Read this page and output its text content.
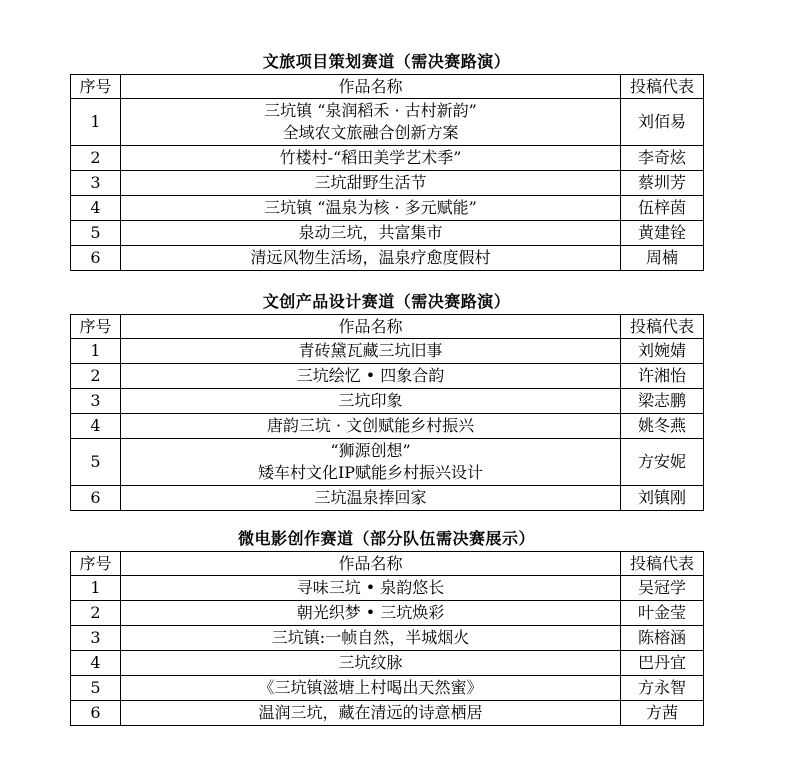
文旅项目策划赛道（需决赛路演）
序号	作品名称	投稿代表
1	三坑镇 “泉润稻禾 · 古村新韵”
全域农文旅融合创新方案	刘佰易
2	竹楼村-“稻田美学艺术季”	李奇炫
3	三坑甜野生活节	蔡圳芳
4	三坑镇 “温泉为核 · 多元赋能”	伍梓茵
5	泉动三坑，共富集市	黄建铨
6	清远风物生活场，温泉疗愈度假村	周楠
文创产品设计赛道（需决赛路演）
序号	作品名称	投稿代表
1	青砖黛瓦藏三坑旧事	刘婉婧
2	三坑绘忆 • 四象合韵	许湘怡
3	三坑印象	梁志鹏
4	唐韵三坑 · 文创赋能乡村振兴	姚冬燕
5	“狮源创想”
矮车村文化IP赋能乡村振兴设计	方安妮
6	三坑温泉捧回家	刘镇刚
微电影创作赛道（部分队伍需决赛展示）
序号	作品名称	投稿代表
1	寻味三坑 • 泉韵悠长	吴冠学
2	朝光织梦 • 三坑焕彩	叶金莹
3	三坑镇:一帧自然，半城烟火	陈榕涵
4	三坑纹脉	巴丹宜
5	《三坑镇滋塘上村喝出天然蜜》	方永智
6	温润三坑，藏在清远的诗意栖居	方茜
